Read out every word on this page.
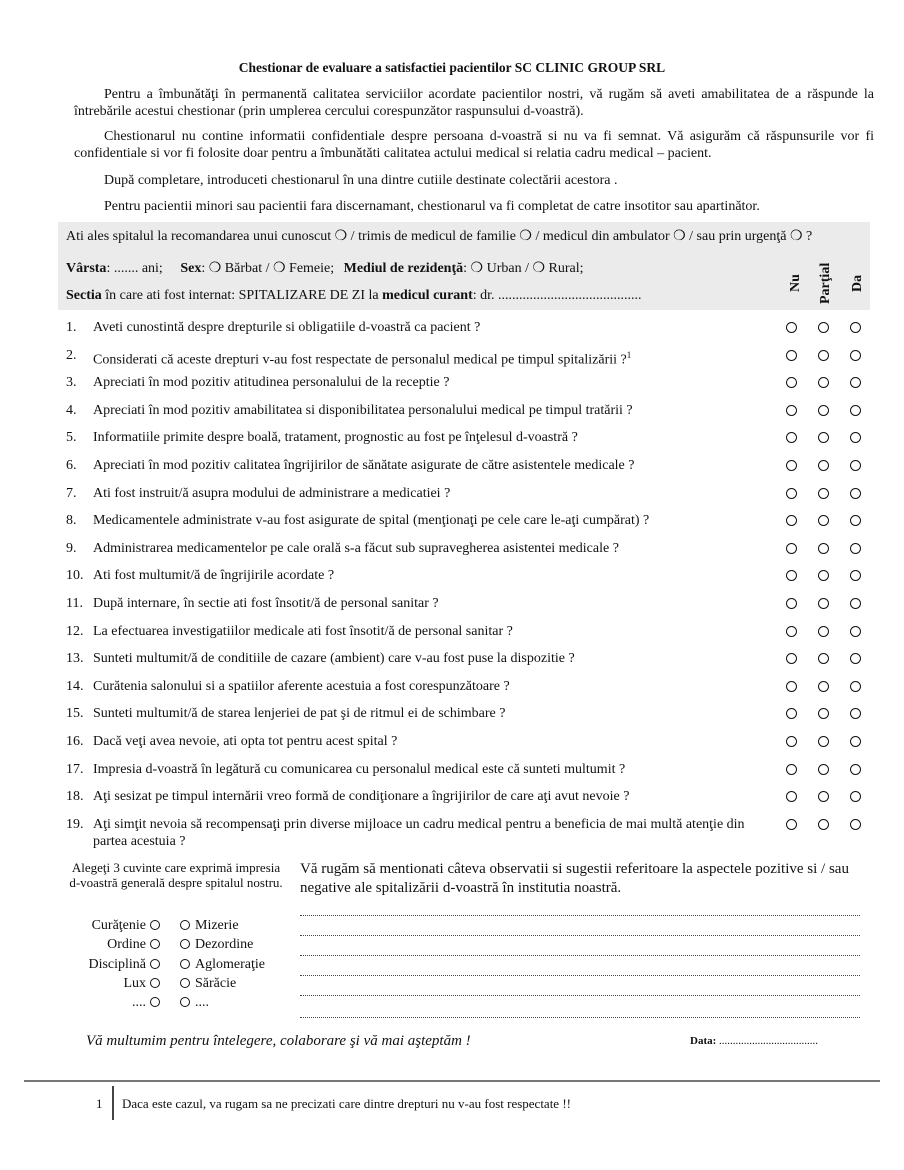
Chestionar de evaluare a satisfactiei pacientilor SC CLINIC GROUP SRL
Pentru a îmbunătăţi în permanentă calitatea serviciilor acordate pacientilor nostri, vă rugăm să aveti amabilitatea de a răspunde la întrebările acestui chestionar (prin umplerea cercului corespunzător raspunsului d-voastră).
Chestionarul nu contine informatii confidentiale despre persoana d-voastră si nu va fi semnat. Vă asigurăm că răspunsurile vor fi confidentiale si vor fi folosite doar pentru a îmbunătăti calitatea actului medical si relatia cadru medical – pacient.
După completare, introduceti chestionarul în una dintre cutiile destinate colectării acestora .
Pentru pacientii minori sau pacientii fara discernamant, chestionarul va fi completat de catre insotitor sau apartinător.
Ati ales spitalul la recomandarea unui cunoscut ❍ / trimis de medicul de familie ❍ / medicul din ambulator ❍ / sau prin urgenţă ❍ ?
Vârsta: ....... ani; Sex: ❍ Bărbat / ❍ Femeie; Mediul de rezidenţă: ❍ Urban / ❍ Rural;
Sectia în care ati fost internat: SPITALIZARE DE ZI la medicul curant: dr. .........................................
Nu Parţial Da
1. Aveti cunostintă despre drepturile si obligatiile d-voastră ca pacient ?
2. Considerati că aceste drepturi v-au fost respectate de personalul medical pe timpul spitalizării ?$^1$
3. Apreciati în mod pozitiv atitudinea personalului de la receptie ?
4. Apreciati în mod pozitiv amabilitatea si disponibilitatea personalului medical pe timpul tratării ?
5. Informatiile primite despre boală, tratament, prognostic au fost pe înţelesul d-voastră ?
6. Apreciati în mod pozitiv calitatea îngrijirilor de sănătate asigurate de către asistentele medicale ?
7. Ati fost instruit/ă asupra modului de administrare a medicatiei ?
8. Medicamentele administrate v-au fost asigurate de spital (menţionaţi pe cele care le-aţi cumpărat) ?
9. Administrarea medicamentelor pe cale orală s-a făcut sub supravegherea asistentei medicale ?
10. Ati fost multumit/ă de îngrijirile acordate ?
11. După internare, în sectie ati fost însotit/ă de personal sanitar ?
12. La efectuarea investigatiilor medicale ati fost însotit/ă de personal sanitar ?
13. Sunteti multumit/ă de conditiile de cazare (ambient) care v-au fost puse la dispozitie ?
14. Curătenia salonului si a spatiilor aferente acestuia a fost corespunzătoare ?
15. Sunteti multumit/ă de starea lenjeriei de pat şi de ritmul ei de schimbare ?
16. Dacă veţi avea nevoie, ati opta tot pentru acest spital ?
17. Impresia d-voastră în legătură cu comunicarea cu personalul medical este că sunteti multumit ?
18. Aţi sesizat pe timpul internării vreo formă de condiţionare a îngrijirilor de care aţi avut nevoie ?
19. Aţi simţit nevoia să recompensaţi prin diverse mijloace un cadru medical pentru a beneficia de mai multă atenţie din partea acestuia ?
Alegeţi 3 cuvinte care exprimă impresia d-voastră generală despre spitalul nostru.
Curăţenie	Mizerie
Ordine	Dezordine
Disciplină	Aglomeraţie
Lux	Sărăcie
....	....
Vă rugăm să mentionati câteva observatii si sugestii referitoare la aspectele pozitive si / sau negative ale spitalizării d-voastră în institutia noastră.
Vă multumim pentru întelegere, colaborare şi vă mai aşteptăm !	Data: ....................................
1 Daca este cazul, va rugam sa ne precizati care dintre drepturi nu v-au fost respectate !!
